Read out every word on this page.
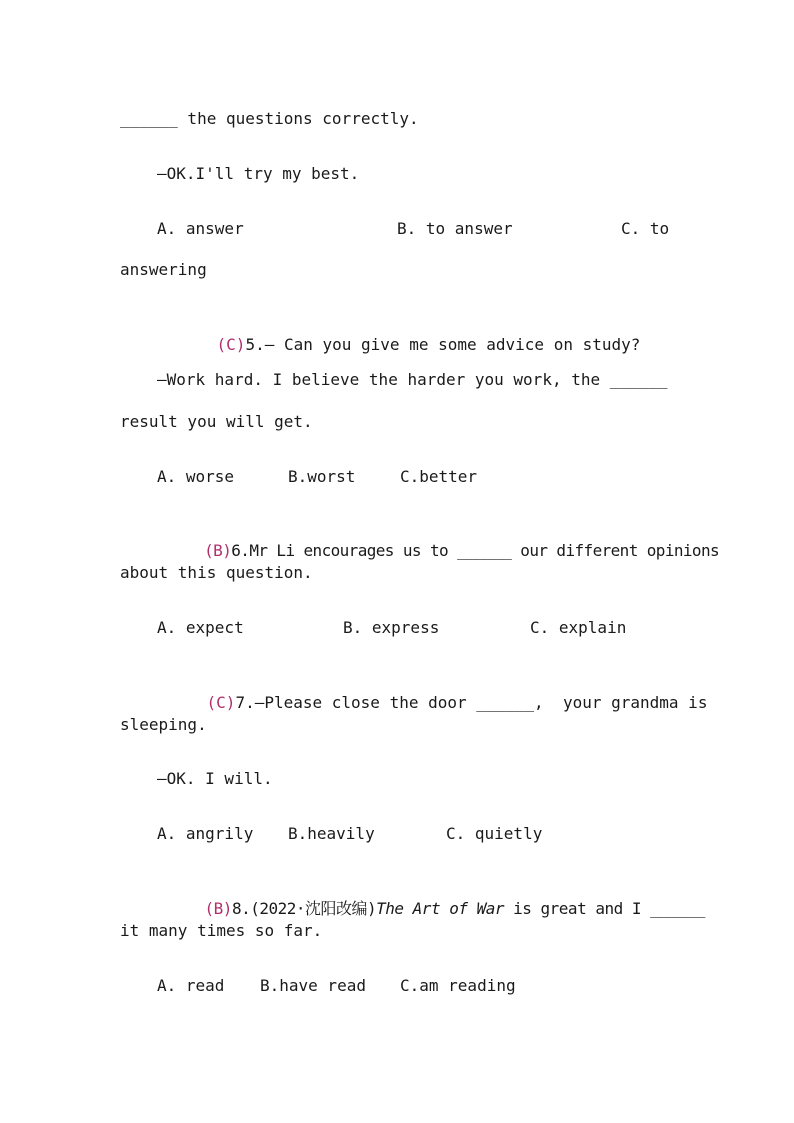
______ the questions correctly.
—OK.I'll try my best.
A. answer	B. to answer	C. to
answering

(C)5.— Can you give me some advice on study?

—Work hard. I believe the harder you work, the ______
result you will get.
A. worse	B.worst	C.better

(B)6.Mr Li encourages us to ______ our different opinions

about this question.
A. expect	B. express	C. explain

(C)7.—Please close the door ______,  your grandma is

sleeping.
—OK. I will.
A. angrily B.heavily	C. quietly

(B)8.(2022·沈阳改编)The Art of War is great and I ______

it many times so far.
A. read B.have read C.am reading
